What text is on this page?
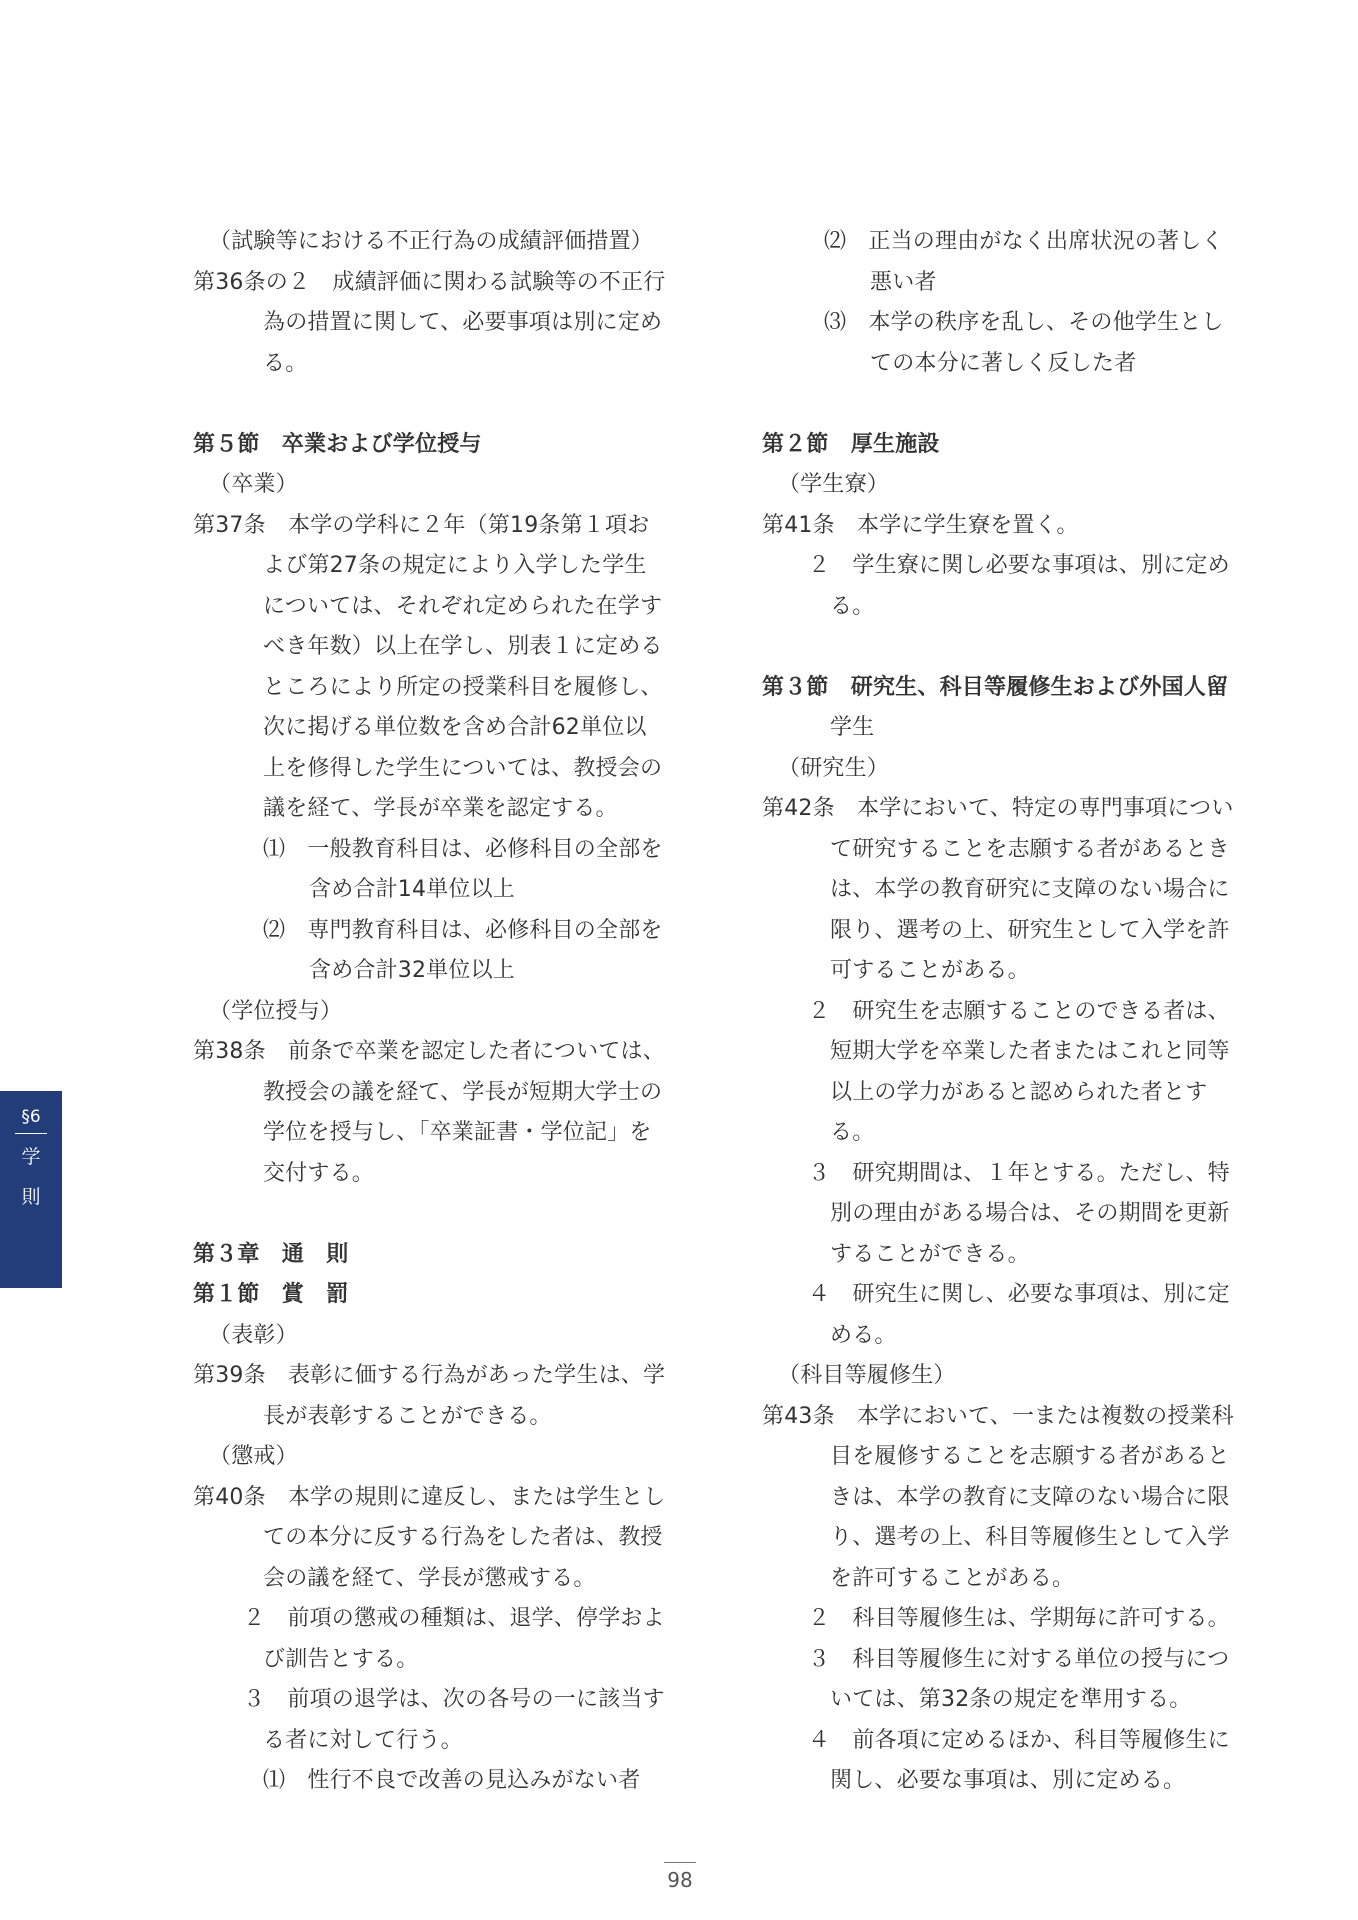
（試験等における不正行為の成績評価措置）
第36条の２　成績評価に関わる試験等の不正行
為の措置に関して、必要事項は別に定め
る。
第５節　卒業および学位授与
（卒業）
第37条　本学の学科に２年（第19条第１項お
よび第27条の規定により入学した学生
については、それぞれ定められた在学す
べき年数）以上在学し、別表１に定める
ところにより所定の授業科目を履修し、
次に掲げる単位数を含め合計62単位以
上を修得した学生については、教授会の
議を経て、学長が卒業を認定する。
⑴　一般教育科目は、必修科目の全部を
含め合計14単位以上
⑵　専門教育科目は、必修科目の全部を
含め合計32単位以上
（学位授与）
第38条　前条で卒業を認定した者については、
教授会の議を経て、学長が短期大学士の
学位を授与し、「卒業証書・学位記」を
交付する。
第３章　通　則
第１節　賞　罰
（表彰）
第39条　表彰に価する行為があった学生は、学
長が表彰することができる。
（懲戒）
第40条　本学の規則に違反し、または学生とし
ての本分に反する行為をした者は、教授
会の議を経て、学長が懲戒する。
２　前項の懲戒の種類は、退学、停学およ
び訓告とする。
３　前項の退学は、次の各号の一に該当す
る者に対して行う。
⑴　性行不良で改善の見込みがない者
⑵　正当の理由がなく出席状況の著しく
悪い者
⑶　本学の秩序を乱し、その他学生とし
ての本分に著しく反した者
第２節　厚生施設
（学生寮）
第41条　本学に学生寮を置く。
２　学生寮に関し必要な事項は、別に定め
る。
第３節　研究生、科目等履修生および外国人留
学生
（研究生）
第42条　本学において、特定の専門事項につい
て研究することを志願する者があるとき
は、本学の教育研究に支障のない場合に
限り、選考の上、研究生として入学を許
可することがある。
２　研究生を志願することのできる者は、
短期大学を卒業した者またはこれと同等
以上の学力があると認められた者とす
る。
３　研究期間は、１年とする。ただし、特
別の理由がある場合は、その期間を更新
することができる。
４　研究生に関し、必要な事項は、別に定
める。
（科目等履修生）
第43条　本学において、一または複数の授業科
目を履修することを志願する者があると
きは、本学の教育に支障のない場合に限
り、選考の上、科目等履修生として入学
を許可することがある。
２　科目等履修生は、学期毎に許可する。
３　科目等履修生に対する単位の授与につ
いては、第32条の規定を準用する。
４　前各項に定めるほか、科目等履修生に
関し、必要な事項は、別に定める。
§6
学
則
98
